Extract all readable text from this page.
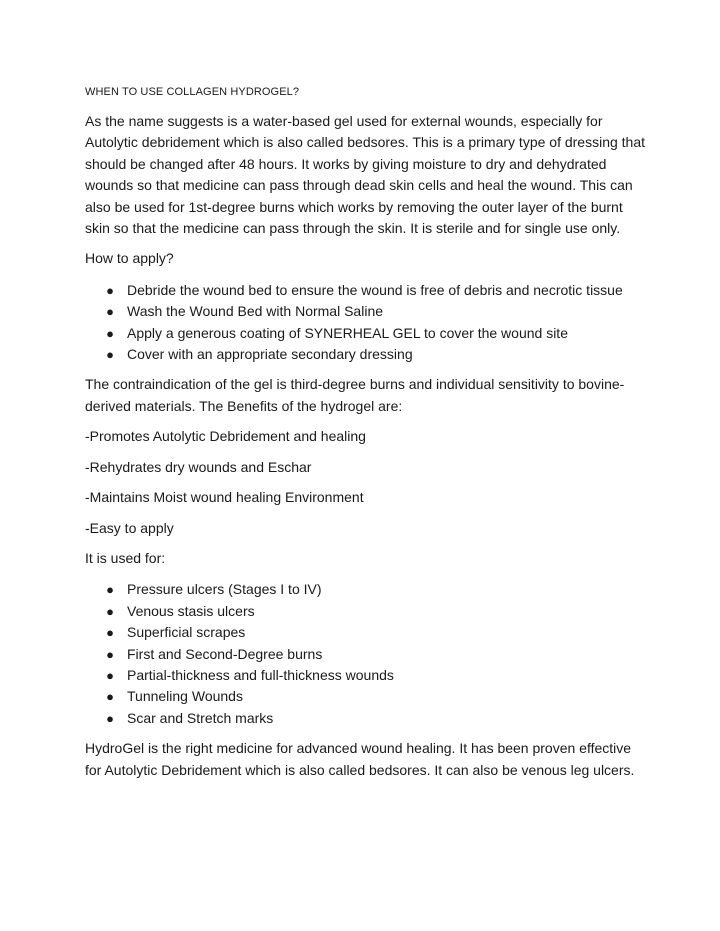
WHEN TO USE COLLAGEN HYDROGEL?

As the name suggests is a water-based gel used for external wounds, especially for Autolytic debridement which is also called bedsores. This is a primary type of dressing that should be changed after 48 hours. It works by giving moisture to dry and dehydrated wounds so that medicine can pass through dead skin cells and heal the wound. This can also be used for 1st-degree burns which works by removing the outer layer of the burnt skin so that the medicine can pass through the skin. It is sterile and for single use only.

How to apply?

● Debride the wound bed to ensure the wound is free of debris and necrotic tissue
● Wash the Wound Bed with Normal Saline
● Apply a generous coating of SYNERHEAL GEL to cover the wound site
● Cover with an appropriate secondary dressing

The contraindication of the gel is third-degree burns and individual sensitivity to bovine-derived materials. The Benefits of the hydrogel are:

-Promotes Autolytic Debridement and healing

-Rehydrates dry wounds and Eschar

-Maintains Moist wound healing Environment

-Easy to apply

It is used for:

● Pressure ulcers (Stages I to IV)
● Venous stasis ulcers
● Superficial scrapes
● First and Second-Degree burns
● Partial-thickness and full-thickness wounds
● Tunneling Wounds
● Scar and Stretch marks

HydroGel is the right medicine for advanced wound healing. It has been proven effective for Autolytic Debridement which is also called bedsores. It can also be venous leg ulcers.
